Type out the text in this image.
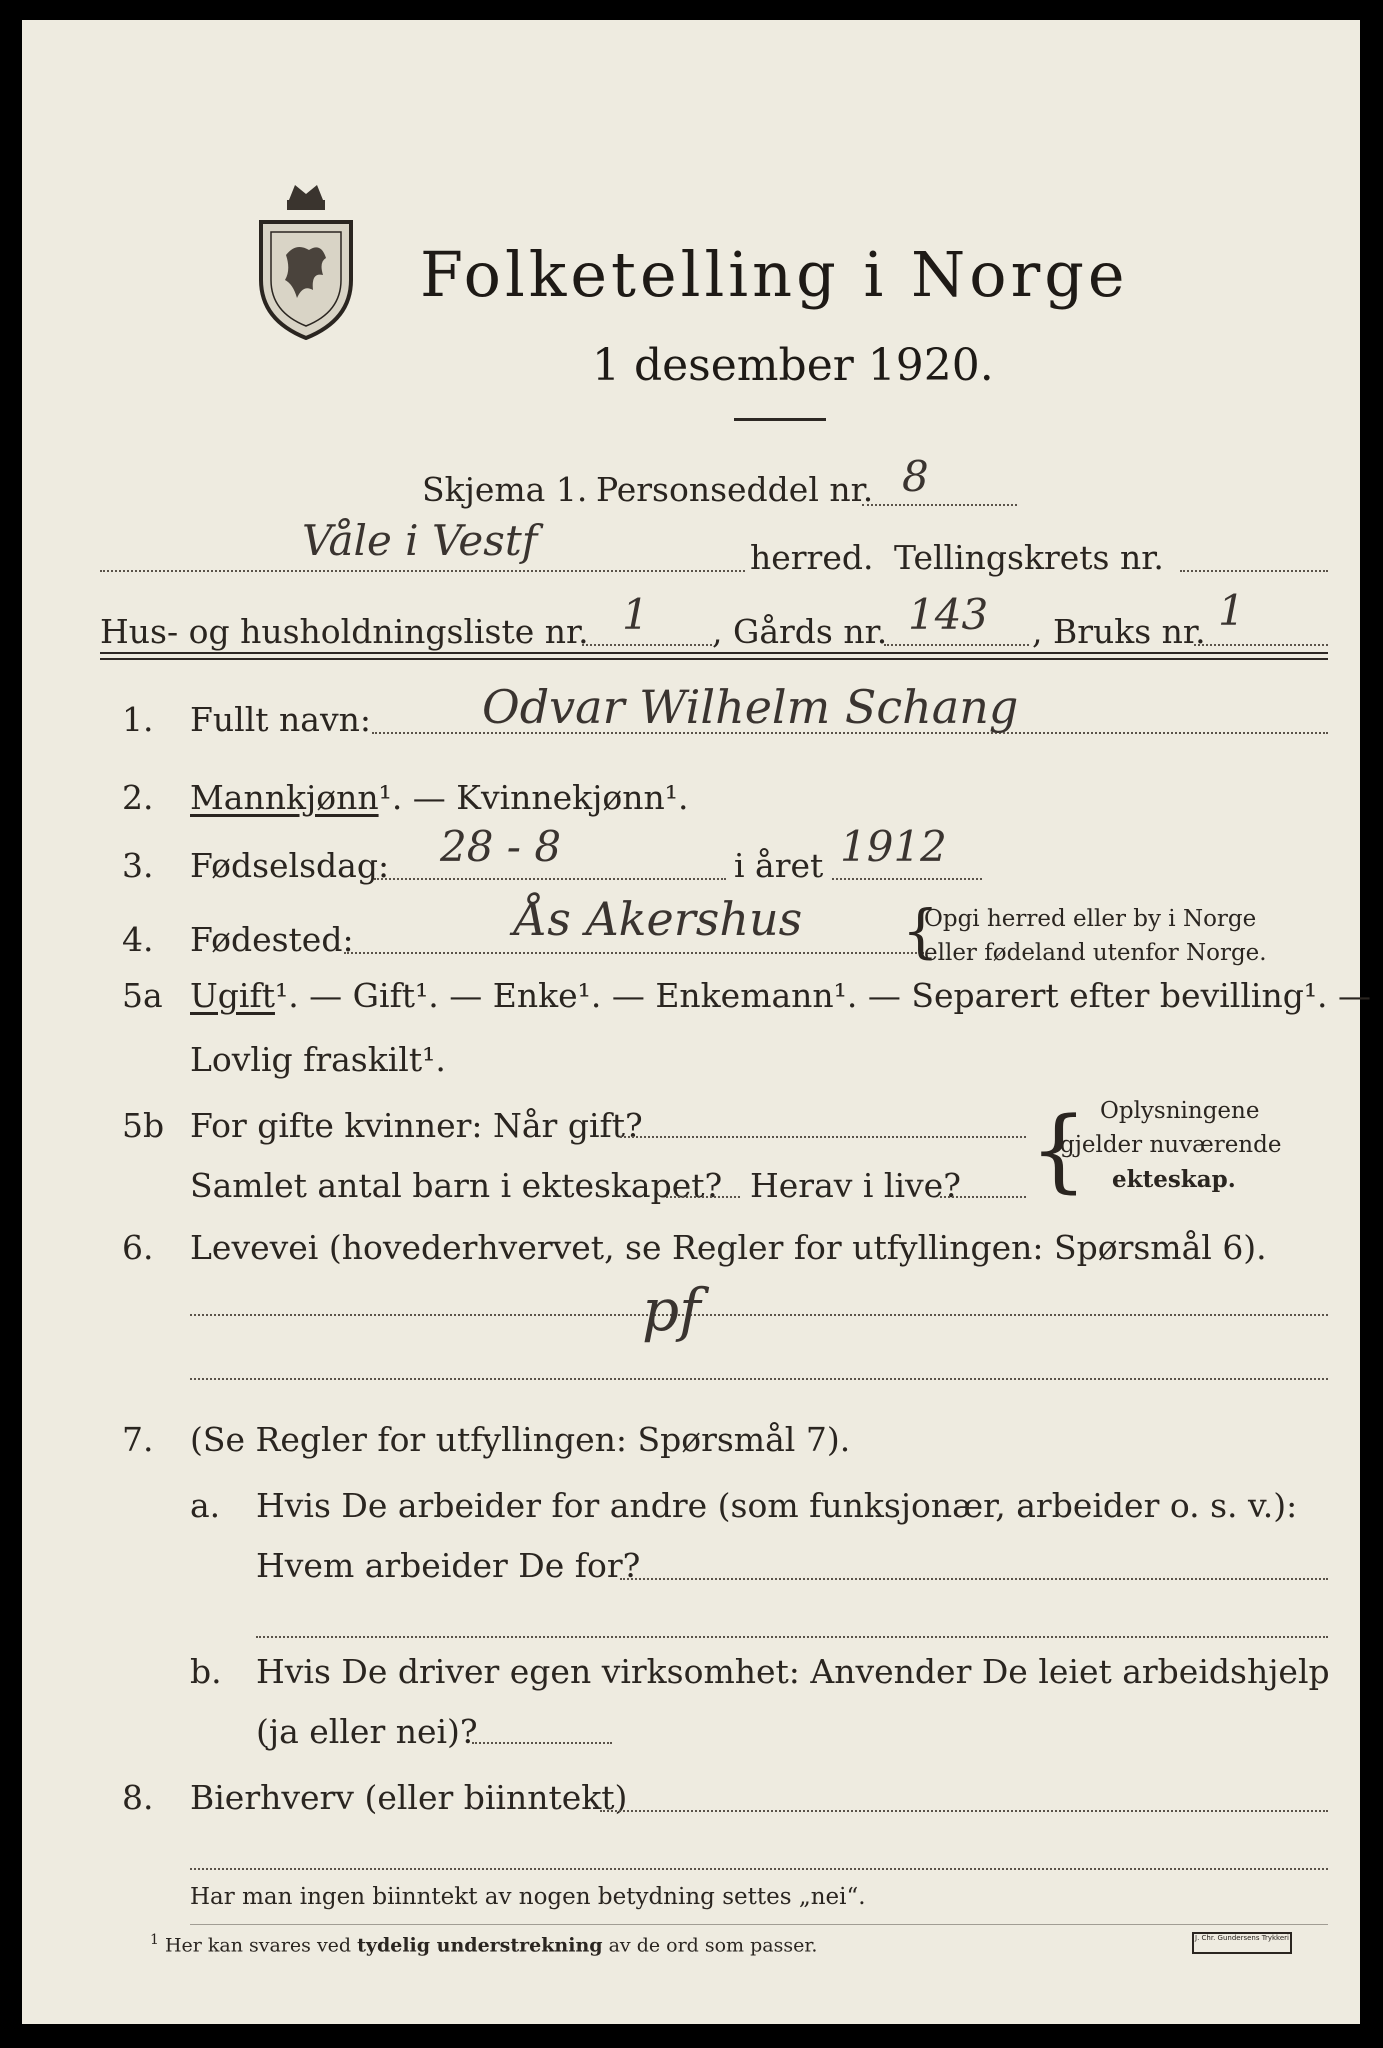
Folketelling i Norge
1 desember 1920.
Skjema 1. Personseddel nr. 8
Våle i Vestf	herred. Tellingskrets nr.
Hus- og husholdningsliste nr. 1 , Gårds nr. 143 , Bruks nr. 1
1. Fullt navn: Odvar Wilhelm Schang
2. Mannkjønn¹. — Kvinnekjønn¹.
3. Fødselsdag: 28 - 8	i året 1912
4. Fødested:	Ås Akershus {
Opgi herred eller by i Norge
eller fødeland utenfor Norge.
5a Ugift¹. — Gift¹. — Enke¹. — Enkemann¹. — Separert efter bevilling¹. —
Lovlig fraskilt¹.
5b For gifte kvinner: Når gift?
Samlet antal barn i ekteskapet? Herav i live? { Oplysningene
gjelder nuværende
ekteskap.
6. Levevei (hovederhvervet, se Regler for utfyllingen: Spørsmål 6).
pf
7. (Se Regler for utfyllingen: Spørsmål 7).
a. Hvis De arbeider for andre (som funksjonær, arbeider o. s. v.):
Hvem arbeider De for?
b. Hvis De driver egen virksomhet: Anvender De leiet arbeidshjelp
(ja eller nei)?
8. Bierhverv (eller biinntekt)
Har man ingen biinntekt av nogen betydning settes „nei“.
$^1$ Her kan svares ved tydelig understrekning av de ord som passer.	J. Chr. Gundersens Trykkeri
